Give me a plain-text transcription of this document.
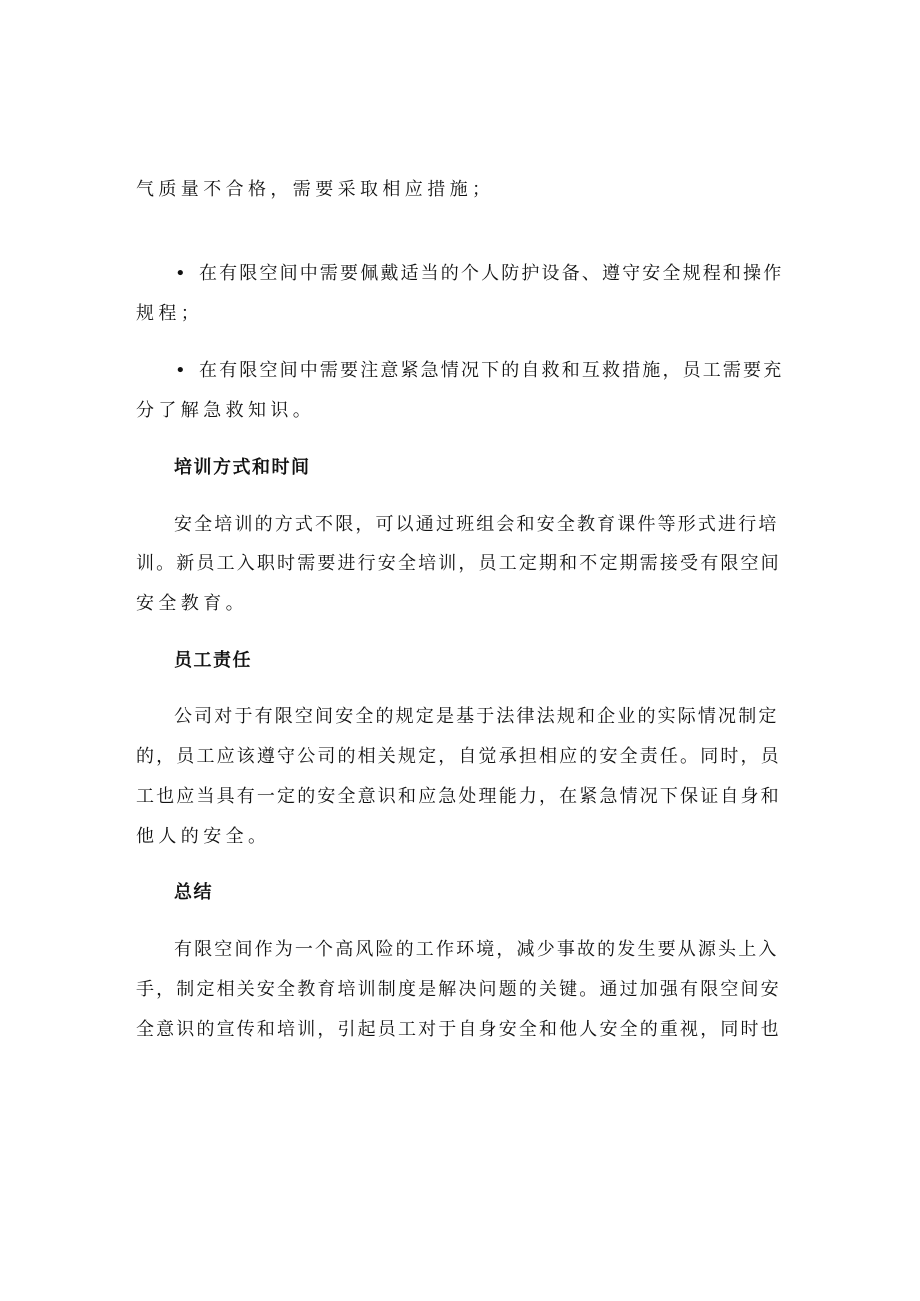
气质量不合格，需要采取相应措施；
• 在有限空间中需要佩戴适当的个人防护设备、遵守安全规程和操作
规程；
• 在有限空间中需要注意紧急情况下的自救和互救措施，员工需要充
分了解急救知识。
培训方式和时间
安全培训的方式不限，可以通过班组会和安全教育课件等形式进行培
训。新员工入职时需要进行安全培训，员工定期和不定期需接受有限空间
安全教育。
员工责任
公司对于有限空间安全的规定是基于法律法规和企业的实际情况制定
的，员工应该遵守公司的相关规定，自觉承担相应的安全责任。同时，员
工也应当具有一定的安全意识和应急处理能力，在紧急情况下保证自身和
他人的安全。
总结
有限空间作为一个高风险的工作环境，减少事故的发生要从源头上入
手，制定相关安全教育培训制度是解决问题的关键。通过加强有限空间安
全意识的宣传和培训，引起员工对于自身安全和他人安全的重视，同时也
